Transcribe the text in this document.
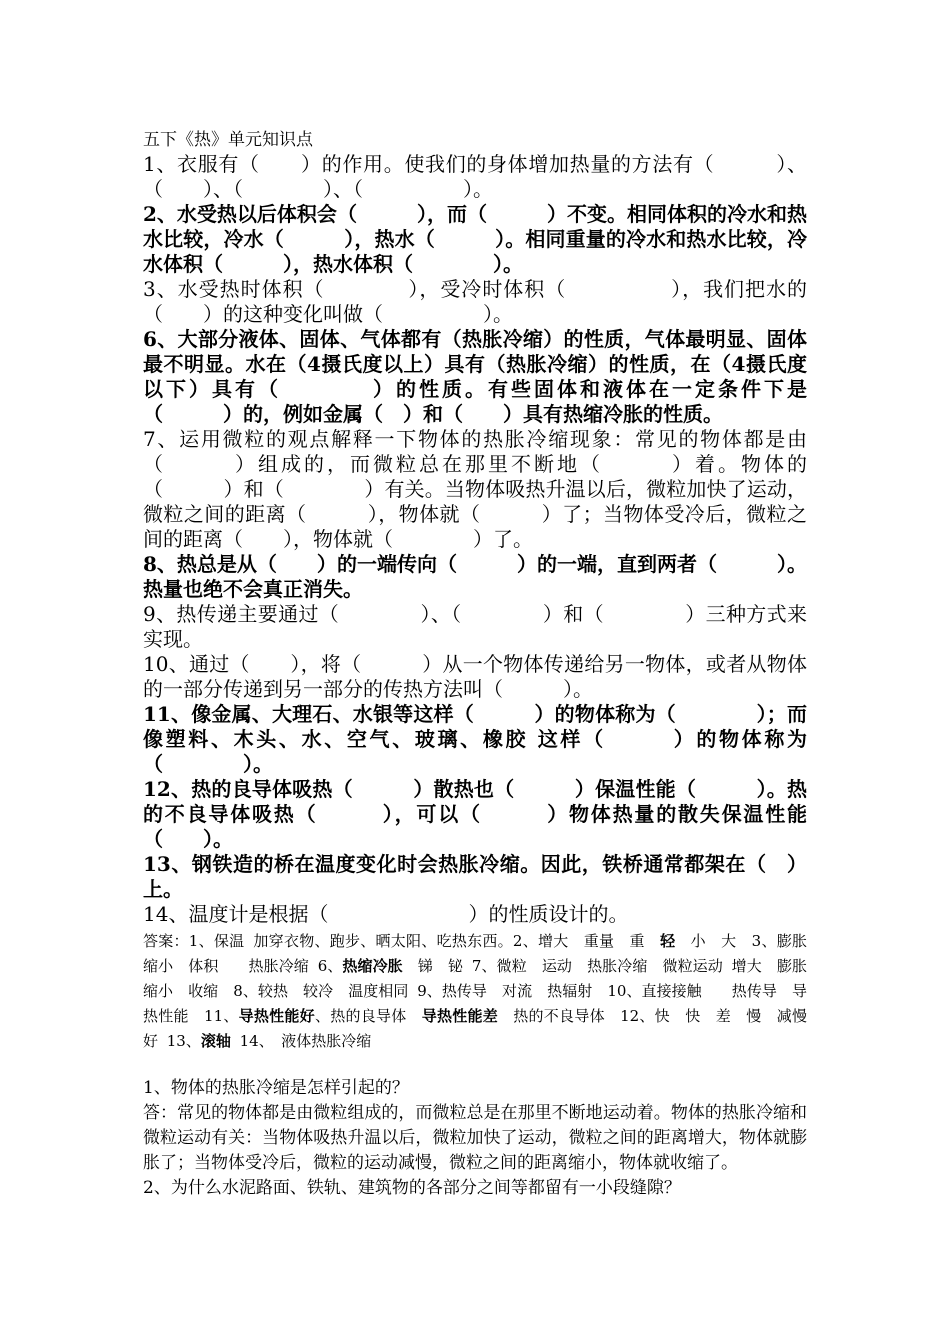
五下《热》单元知识点
1、衣服有（　　）的作用。使我们的身体增加热量的方法有（　　　）、（　　）、（　　　　）、（　　　　　）。
2、水受热以后体积会（　　　），而（　　　）不变。相同体积的冷水和热水比较，冷水（　　　），热水（　　　）。相同重量的冷水和热水比较，冷水体积（　　　），热水体积（　　　　）。
3、水受热时体积（　　　　），受冷时体积（　　　　　），我们把水的（　　）的这种变化叫做（　　　　　）。
6、大部分液体、固体、气体都有（热胀冷缩）的性质，气体最明显、固体最不明显。水在（4摄氏度以上）具有（热胀冷缩）的性质，在（4摄氏度以下）具有（　　　　）的性质。有些固体和液体在一定条件下是（　　　）的，例如金属（　）和（　　）具有热缩冷胀的性质。
7、运用微粒的观点解释一下物体的热胀冷缩现象：常见的物体都是由（　　　）组成的，而微粒总在那里不断地（　　　）着。物体的（　　　）和（　　　　）有关。当物体吸热升温以后，微粒加快了运动，微粒之间的距离（　　　），物体就（　　　）了；当物体受冷后，微粒之间的距离（　　），物体就（　　　　）了。
8、热总是从（　　）的一端传向（　　　）的一端，直到两者（　　　）。热量也绝不会真正消失。
9、热传递主要通过（　　　　）、（　　　　）和（　　　　）三种方式来实现。
10、通过（　　），将（　　　）从一个物体传递给另一物体，或者从物体的一部分传递到另一部分的传热方法叫（　　　）。
11、像金属、大理石、水银等这样（　　　）的物体称为（　　　　）；而像塑料、木头、水、空气、玻璃、橡胶 这样（　　　）的物体称为（　　　　）。
12、热的良导体吸热（　　　）散热也（　　　）保温性能（　　　）。热的不良导体吸热（　　　），可以（　　　）物体热量的散失保温性能（　　）。
13、钢铁造的桥在温度变化时会热胀冷缩。因此，铁桥通常都架在（　）上。
14、温度计是根据（　　　　　　　）的性质设计的。
答案：1、保温 加穿衣物、跑步、晒太阳、吃热东西。2、增大　重量　重　轻　小　大　3、膨胀　缩小　体积　　热胀冷缩 6、热缩冷胀　锑　铋 7、微粒　运动　热胀冷缩　微粒运动 增大　膨胀　缩小　收缩　8、较热　较冷　温度相同 9、热传导　对流　热辐射　10、直接接触　　热传导　导热性能　11、导热性能好、热的良导体　导热性能差　热的不良导体　12、快　快　差　慢　减慢　好 13、滚轴 14、　液体热胀冷缩
1、物体的热胀冷缩是怎样引起的？
答：常见的物体都是由微粒组成的，而微粒总是在那里不断地运动着。物体的热胀冷缩和微粒运动有关：当物体吸热升温以后，微粒加快了运动，微粒之间的距离增大，物体就膨胀了；当物体受冷后，微粒的运动减慢，微粒之间的距离缩小，物体就收缩了。
2、为什么水泥路面、铁轨、建筑物的各部分之间等都留有一小段缝隙？
